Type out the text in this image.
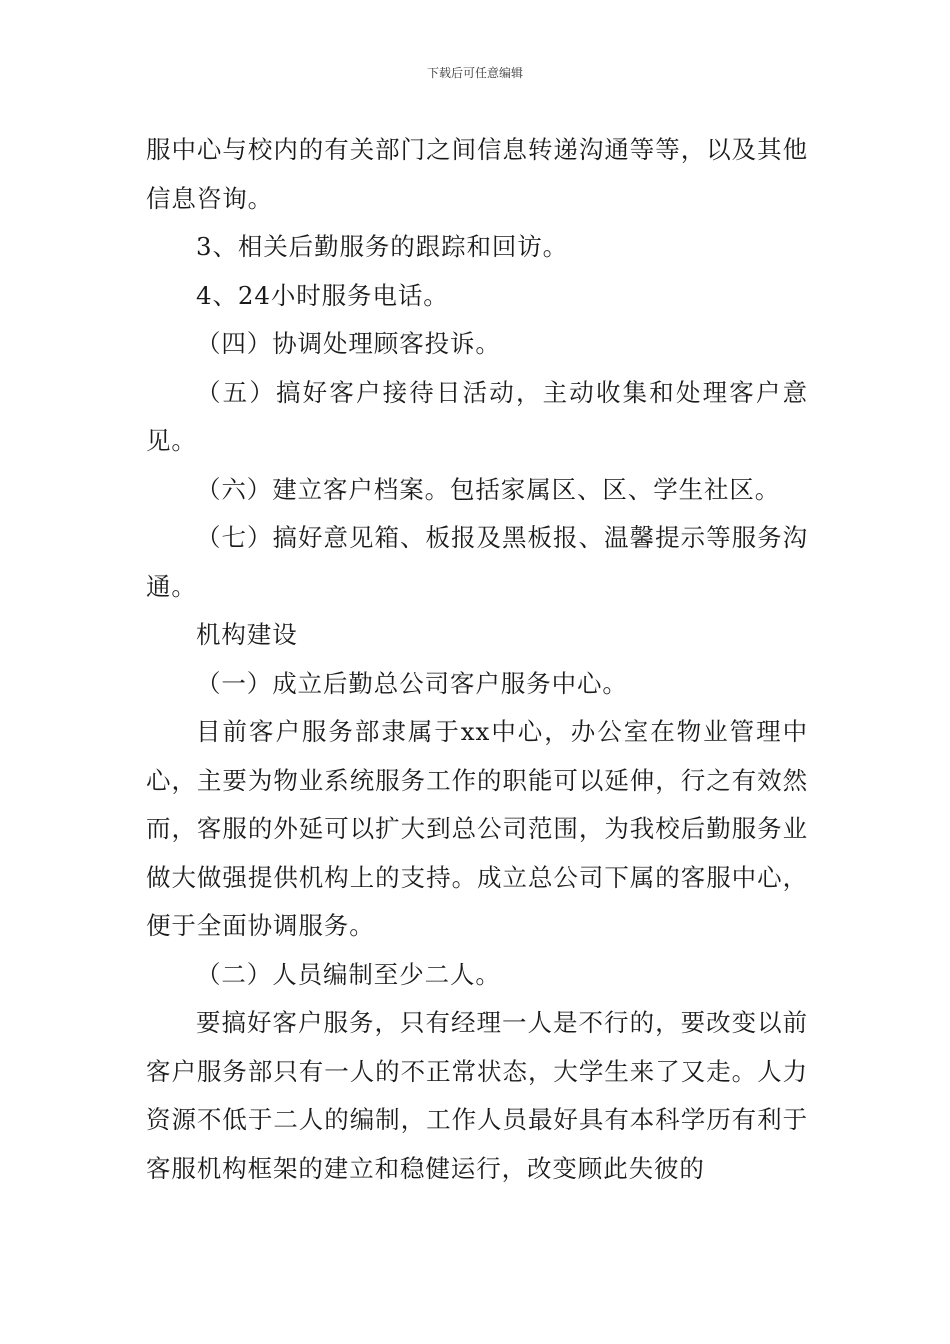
下载后可任意编辑

服中心与校内的有关部门之间信息转递沟通等等，以及其他信息咨询。

3、相关后勤服务的跟踪和回访。

4、24小时服务电话。

（四）协调处理顾客投诉。

（五）搞好客户接待日活动，主动收集和处理客户意见。

（六）建立客户档案。包括家属区、区、学生社区。

（七）搞好意见箱、板报及黑板报、温馨提示等服务沟通。

机构建设

（一）成立后勤总公司客户服务中心。

目前客户服务部隶属于xx中心，办公室在物业管理中心，主要为物业系统服务工作的职能可以延伸，行之有效然而，客服的外延可以扩大到总公司范围，为我校后勤服务业做大做强提供机构上的支持。成立总公司下属的客服中心，便于全面协调服务。

（二）人员编制至少二人。

要搞好客户服务，只有经理一人是不行的，要改变以前客户服务部只有一人的不正常状态，大学生来了又走。人力资源不低于二人的编制，工作人员最好具有本科学历有利于客服机构框架的建立和稳健运行，改变顾此失彼的
